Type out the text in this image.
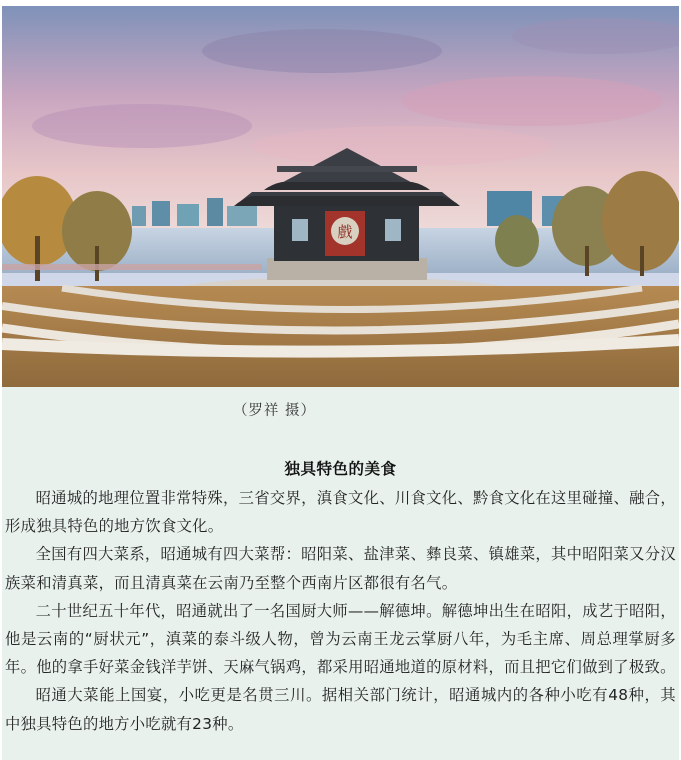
戲
（罗祥 摄）
独具特色的美食

昭通城的地理位置非常特殊，三省交界，滇食文化、川食文化、黔食文化在这里碰撞、融合，形成独具特色的地方饮食文化。

全国有四大菜系，昭通城有四大菜帮：昭阳菜、盐津菜、彝良菜、镇雄菜，其中昭阳菜又分汉族菜和清真菜，而且清真菜在云南乃至整个西南片区都很有名气。

二十世纪五十年代，昭通就出了一名国厨大师——解德坤。解德坤出生在昭阳，成艺于昭阳，他是云南的“厨状元”，滇菜的泰斗级人物，曾为云南王龙云掌厨八年，为毛主席、周总理掌厨多年。他的拿手好菜金钱洋芋饼、天麻气锅鸡，都采用昭通地道的原材料，而且把它们做到了极致。

昭通大菜能上国宴，小吃更是名贯三川。据相关部门统计，昭通城内的各种小吃有48种，其中独具特色的地方小吃就有23种。
